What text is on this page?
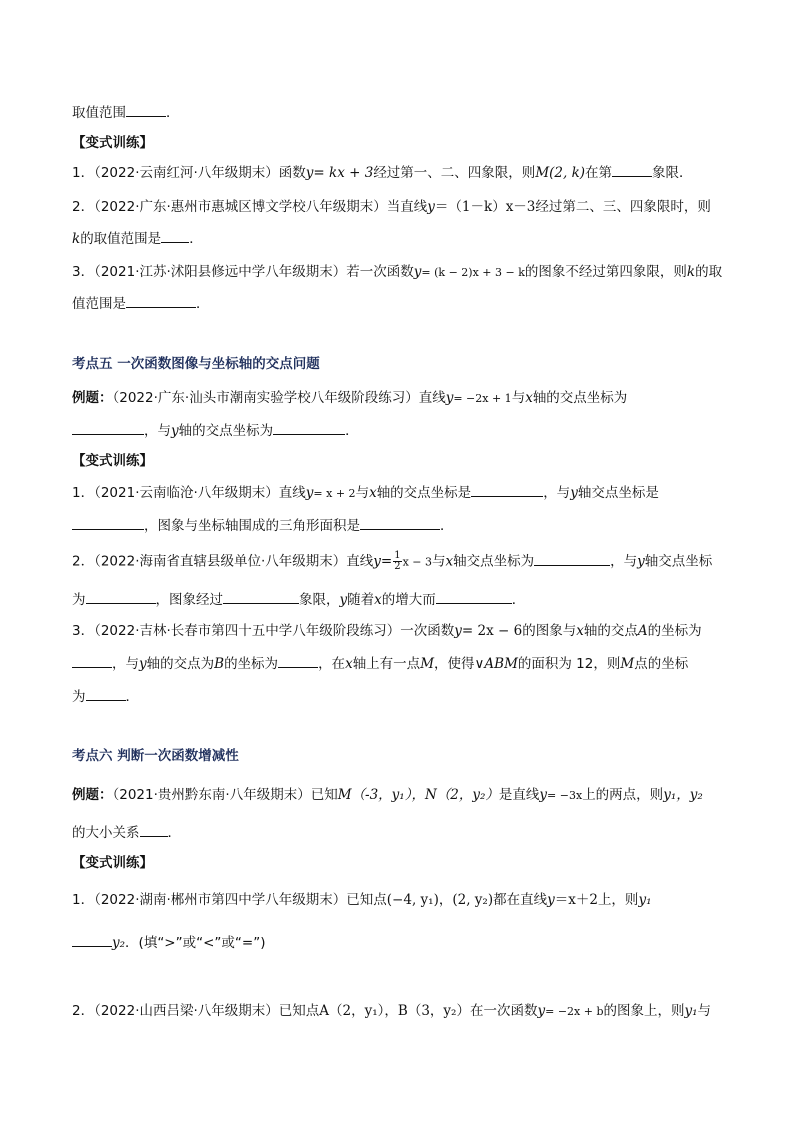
取值范围	．
【变式训练】
1．（2022·云南红河·八年级期末）函数y= kx + 3经过第一、二、四象限，则M(2, k)在第	象限．
2．（2022·广东·惠州市惠城区博文学校八年级期末）当直线y＝（1－k）x－3经过第二、三、四象限时，则
k的取值范围是 ．
3．（2021·江苏·沭阳县修远中学八年级期末）若一次函数y= (k − 2)x + 3 − k的图象不经过第四象限，则k的取
值范围是	．
考点五 一次函数图像与坐标轴的交点问题
例题：（2022·广东·汕头市潮南实验学校八年级阶段练习）直线y= −2x + 1与x轴的交点坐标为
，与y轴的交点坐标为	．
【变式训练】
1．（2021·云南临沧·八年级期末）直线y= x + 2与x轴的交点坐标是	，与y轴交点坐标是
，图象与坐标轴围成的三角形面积是	．
2．（2022·海南省直辖县级单位·八年级期末）直线$y= \frac{1}{2}$ x − 3与x轴交点坐标为	，与y轴交点坐标
为	，图象经过	象限，y随着x的增大而	．
3．（2022·吉林·长春市第四十五中学八年级阶段练习）一次函数y= 2x − 6的图象与x轴的交点A的坐标为
，与y轴的交点为B的坐标为	，在x轴上有一点M，使得∨ABM的面积为 12，则M点的坐标
为	．
考点六 判断一次函数增减性
例题：（2021·贵州黔东南·八年级期末）已知M（-3，y₁），N（2，y₂）是直线y= −3x上的两点，则y₁，y₂
的大小关系 ．
【变式训练】
1．（2022·湖南·郴州市第四中学八年级期末）已知点(−4, y₁)，(2, y₂)都在直线y＝x＋2上，则y₁
y₂．(填“>”或“<”或“=”)
2．（2022·山西吕梁·八年级期末）已知点A（2，y₁），B（3，y₂）在一次函数y= −2x + b的图象上，则y₁与
